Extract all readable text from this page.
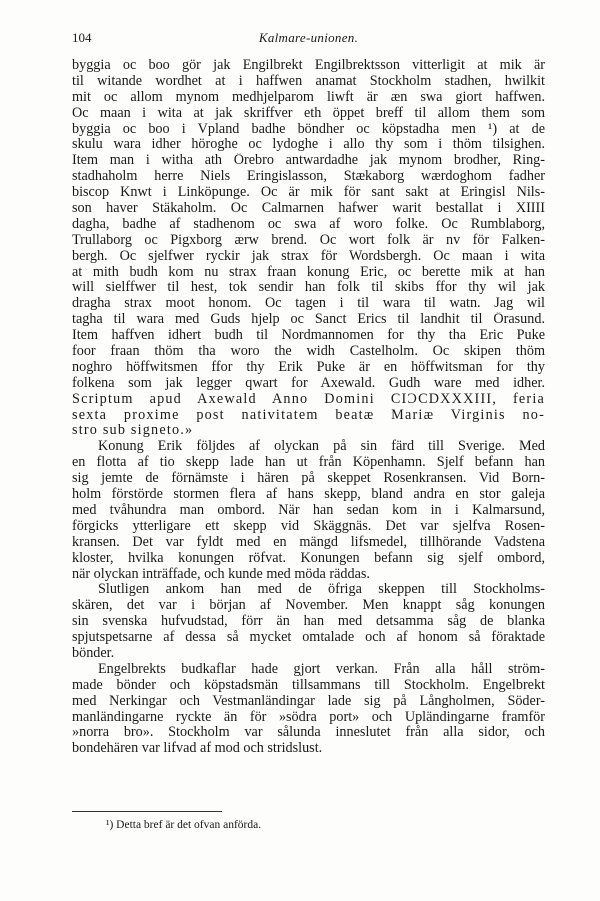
104	Kalmare-unionen.
byggia oc boo gör jak Engilbrekt Engilbrektsson vitterligit at mik är
til witande wordhet at i haffwen anamat Stockholm stadhen, hwilkit
mit oc allom mynom medhjelparom liwft är æn swa giort haffwen.
Oc maan i wita at jak skriffver eth öppet breff til allom them som
byggia oc boo i Vpland badhe böndher oc köpstadha men ¹) at de
skulu wara idher höroghe oc lydoghe i allo thy som i thöm tilsighen.
Item man i witha ath Örebro antwardadhe jak mynom brodher, Ring-
stadhaholm herre Niels Eringislasson, Stækaborg wærdoghom fadher
biscop Knwt i Linköpunge. Oc är mik för sant sakt at Eringisl Nils-
son haver Stäkaholm. Oc Calmarnen hafwer warit bestallat i XIIII
dagha, badhe af stadhenom oc swa af woro folke. Oc Rumblaborg,
Trullaborg oc Pigxborg ærw brend. Oc wort folk är nv för Falken-
bergh. Oc sjelfwer ryckir jak strax för Wordsbergh. Oc maan i wita
at mith budh kom nu strax fraan konung Eric, oc berette mik at han
will sielffwer til hest, tok sendir han folk til skibs ffor thy wil jak
dragha strax moot honom. Oc tagen i til wara til watn. Jag wil
tagha til wara med Guds hjelp oc Sanct Erics til landhit til Örasund.
Item haffven idhert budh til Nordmannomen for thy tha Eric Puke
foor fraan thöm tha woro the widh Castelholm. Oc skipen thöm
noghro höffwitsmen ffor thy Erik Puke är en höffwitsman for thy
folkena som jak legger qwart for Axewald. Gudh ware med idher.
Scriptum apud Axewald Anno Domini CIƆCDXXXIII, feria
sexta proxime post nativitatem beatæ Mariæ Virginis no-
stro sub signeto.»
Konung Erik följdes af olyckan på sin färd till Sverige. Med
en flotta af tio skepp lade han ut från Köpenhamn. Sjelf befann han
sig jemte de förnämste i hären på skeppet Rosenkransen. Vid Born-
holm förstörde stormen flera af hans skepp, bland andra en stor galeja
med tvåhundra man ombord. När han sedan kom in i Kalmarsund,
förgicks ytterligare ett skepp vid Skäggnäs. Det var sjelfva Rosen-
kransen. Det var fyldt med en mängd lifsmedel, tillhörande Vadstena
kloster, hvilka konungen röfvat. Konungen befann sig sjelf ombord,
när olyckan inträffade, och kunde med möda räddas.
Slutligen ankom han med de öfriga skeppen till Stockholms-
skären, det var i början af November. Men knappt såg konungen
sin svenska hufvudstad, förr än han med detsamma såg de blanka
spjutspetsarne af dessa så mycket omtalade och af honom så föraktade
bönder.
Engelbrekts budkaflar hade gjort verkan. Från alla håll ström-
made bönder och köpstadsmän tillsammans till Stockholm. Engelbrekt
med Nerkingar och Vestmanländingar lade sig på Långholmen, Söder-
manländingarne ryckte än för »södra port» och Upländingarne framför
»norra bro». Stockholm var sålunda inneslutet från alla sidor, och
bondehären var lifvad af mod och stridslust.
¹) Detta bref är det ofvan anförda.
